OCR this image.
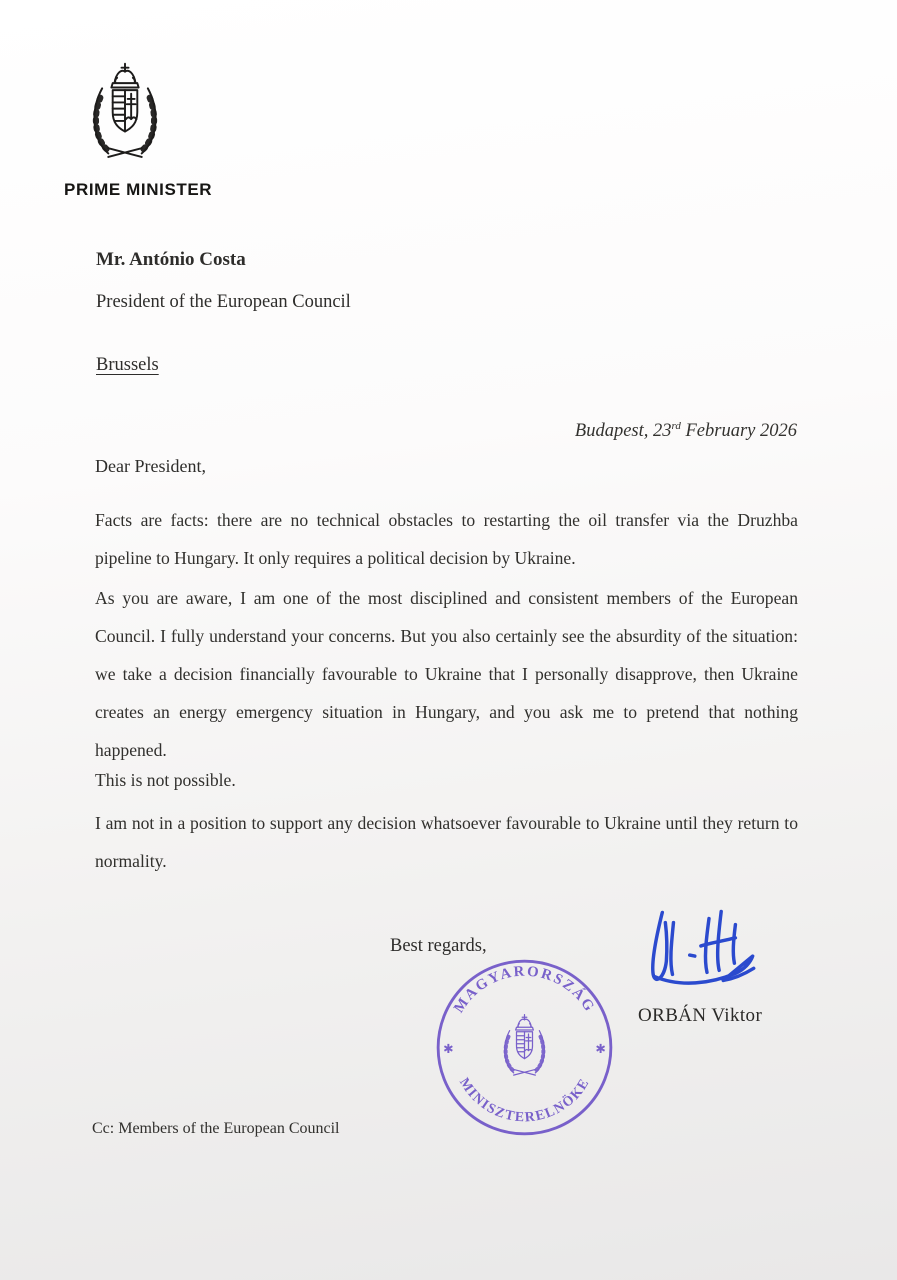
PRIME MINISTER
Mr. António Costa
President of the European Council
Brussels
Budapest, 23rd February 2026
Dear President,

Facts are facts: there are no technical obstacles to restarting the oil transfer via the Druzhba pipeline to Hungary. It only requires a political decision by Ukraine.

As you are aware, I am one of the most disciplined and consistent members of the European Council. I fully understand your concerns. But you also certainly see the absurdity of the situation: we take a decision financially favourable to Ukraine that I personally disapprove, then Ukraine creates an energy emergency situation in Hungary, and you ask me to pretend that nothing happened.

This is not possible.

I am not in a position to support any decision whatsoever favourable to Ukraine until they return to normality.

Best regards,
ORBÁN Viktor
MAGYARORSZÁG
MINISZTERELNÖKE
✱	✱
Cc: Members of the European Council
